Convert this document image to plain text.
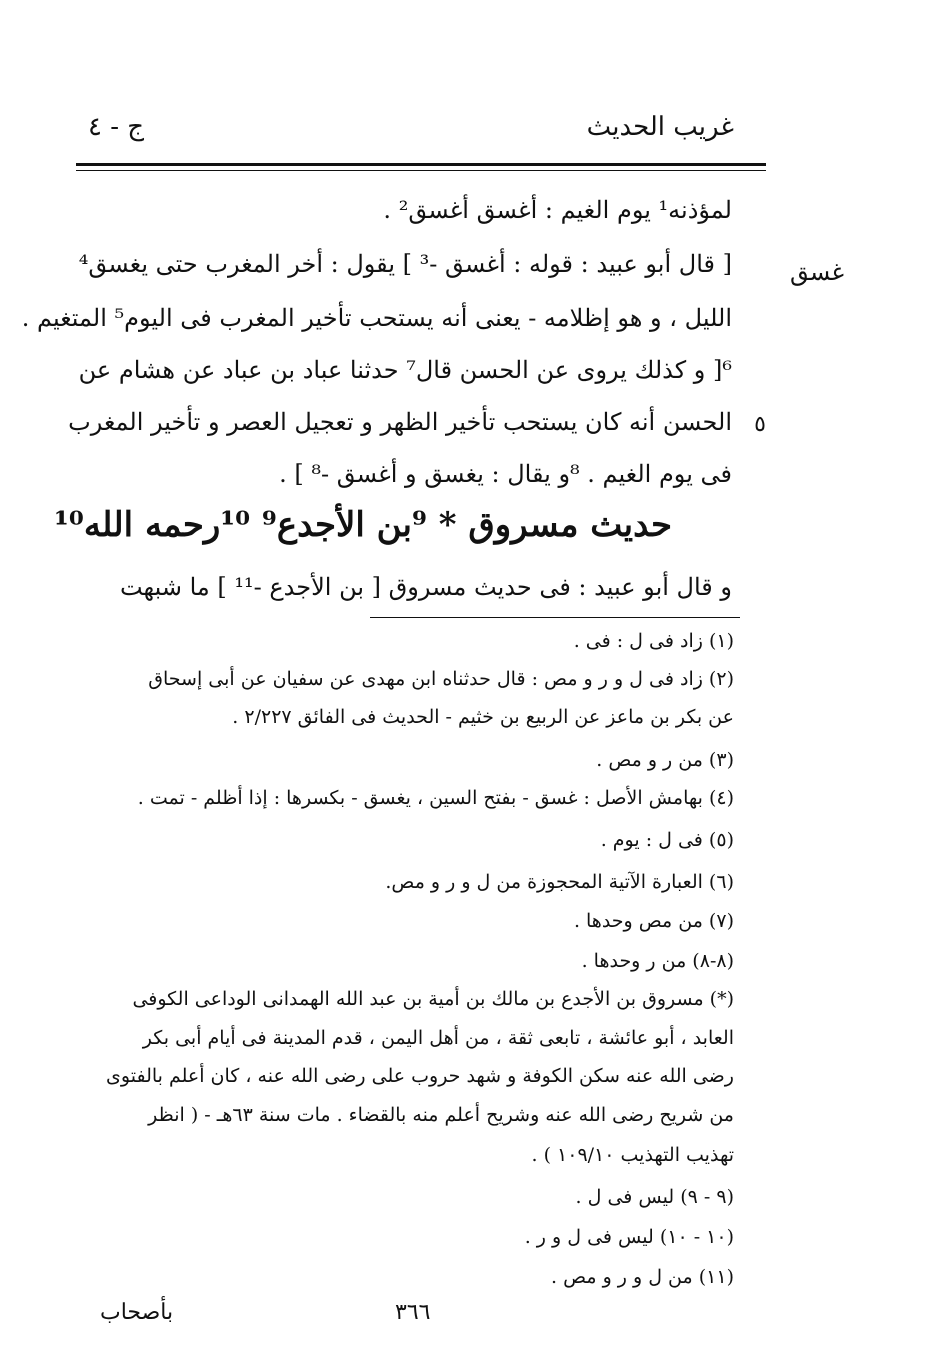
غريب الحديث
ج - ٤
غسق
٥
لمؤذنه¹ يوم الغيم : أغسق أغسق² .
[ قال أبو عبيد : قوله : أغسق -³ ] يقول : أخر المغرب حتى يغسق⁴
الليل ، و هو إظلامه - يعنى أنه يستحب تأخير المغرب فى اليوم⁵ المتغيم .
⁶[ و كذلك يروى عن الحسن قال⁷ حدثنا عباد بن عباد عن هشام عن
الحسن أنه كان يستحب تأخير الظهر و تعجيل العصر و تأخير المغرب
فى يوم الغيم . ⁸و يقال : يغسق و أغسق -⁸ ] .
حديث مسروق * ⁹بن الأجدع⁹ ¹⁰رحمه الله¹⁰
و قال أبو عبيد : فى حديث مسروق [ بن الأجدع -¹¹ ] ما شبهت
(١) زاد فى ل : فى .
(٢) زاد فى ل و ر و مص : قال حدثناه ابن مهدى عن سفيان عن أبى إسحاق
عن بكر بن ماعز عن الربيع بن خثيم - الحديث فى الفائق ٢/٢٢٧ .
(٣) من ر و مص .
(٤) بهامش الأصل : غسق - بفتح السين ، يغسق - بكسرها : إذا أظلم - تمت .
(٥) فى ل : يوم .
(٦) العبارة الآتية المحجوزة من ل و ر و مص.
(٧) من مص وحدها .
(٨-٨) من ر وحدها .
(*) مسروق بن الأجدع بن مالك بن أمية بن عبد الله الهمدانى الوداعى الكوفى
العابد ، أبو عائشة ، تابعى ثقة ، من أهل اليمن ، قدم المدينة فى أيام أبى بكر
رضى الله عنه سكن الكوفة و شهد حروب على رضى الله عنه ، كان أعلم بالفتوى
من شريح رضى الله عنه وشريح أعلم منه بالقضاء . مات سنة ٦٣هـ - ( انظر
تهذيب التهذيب ١٠٩/١٠ ) .
(٩ - ٩) ليس فى ل .
(١٠ - ١٠) ليس فى ل و ر .
(١١) من ل و ر و مص .
٣٦٦
بأصحاب
